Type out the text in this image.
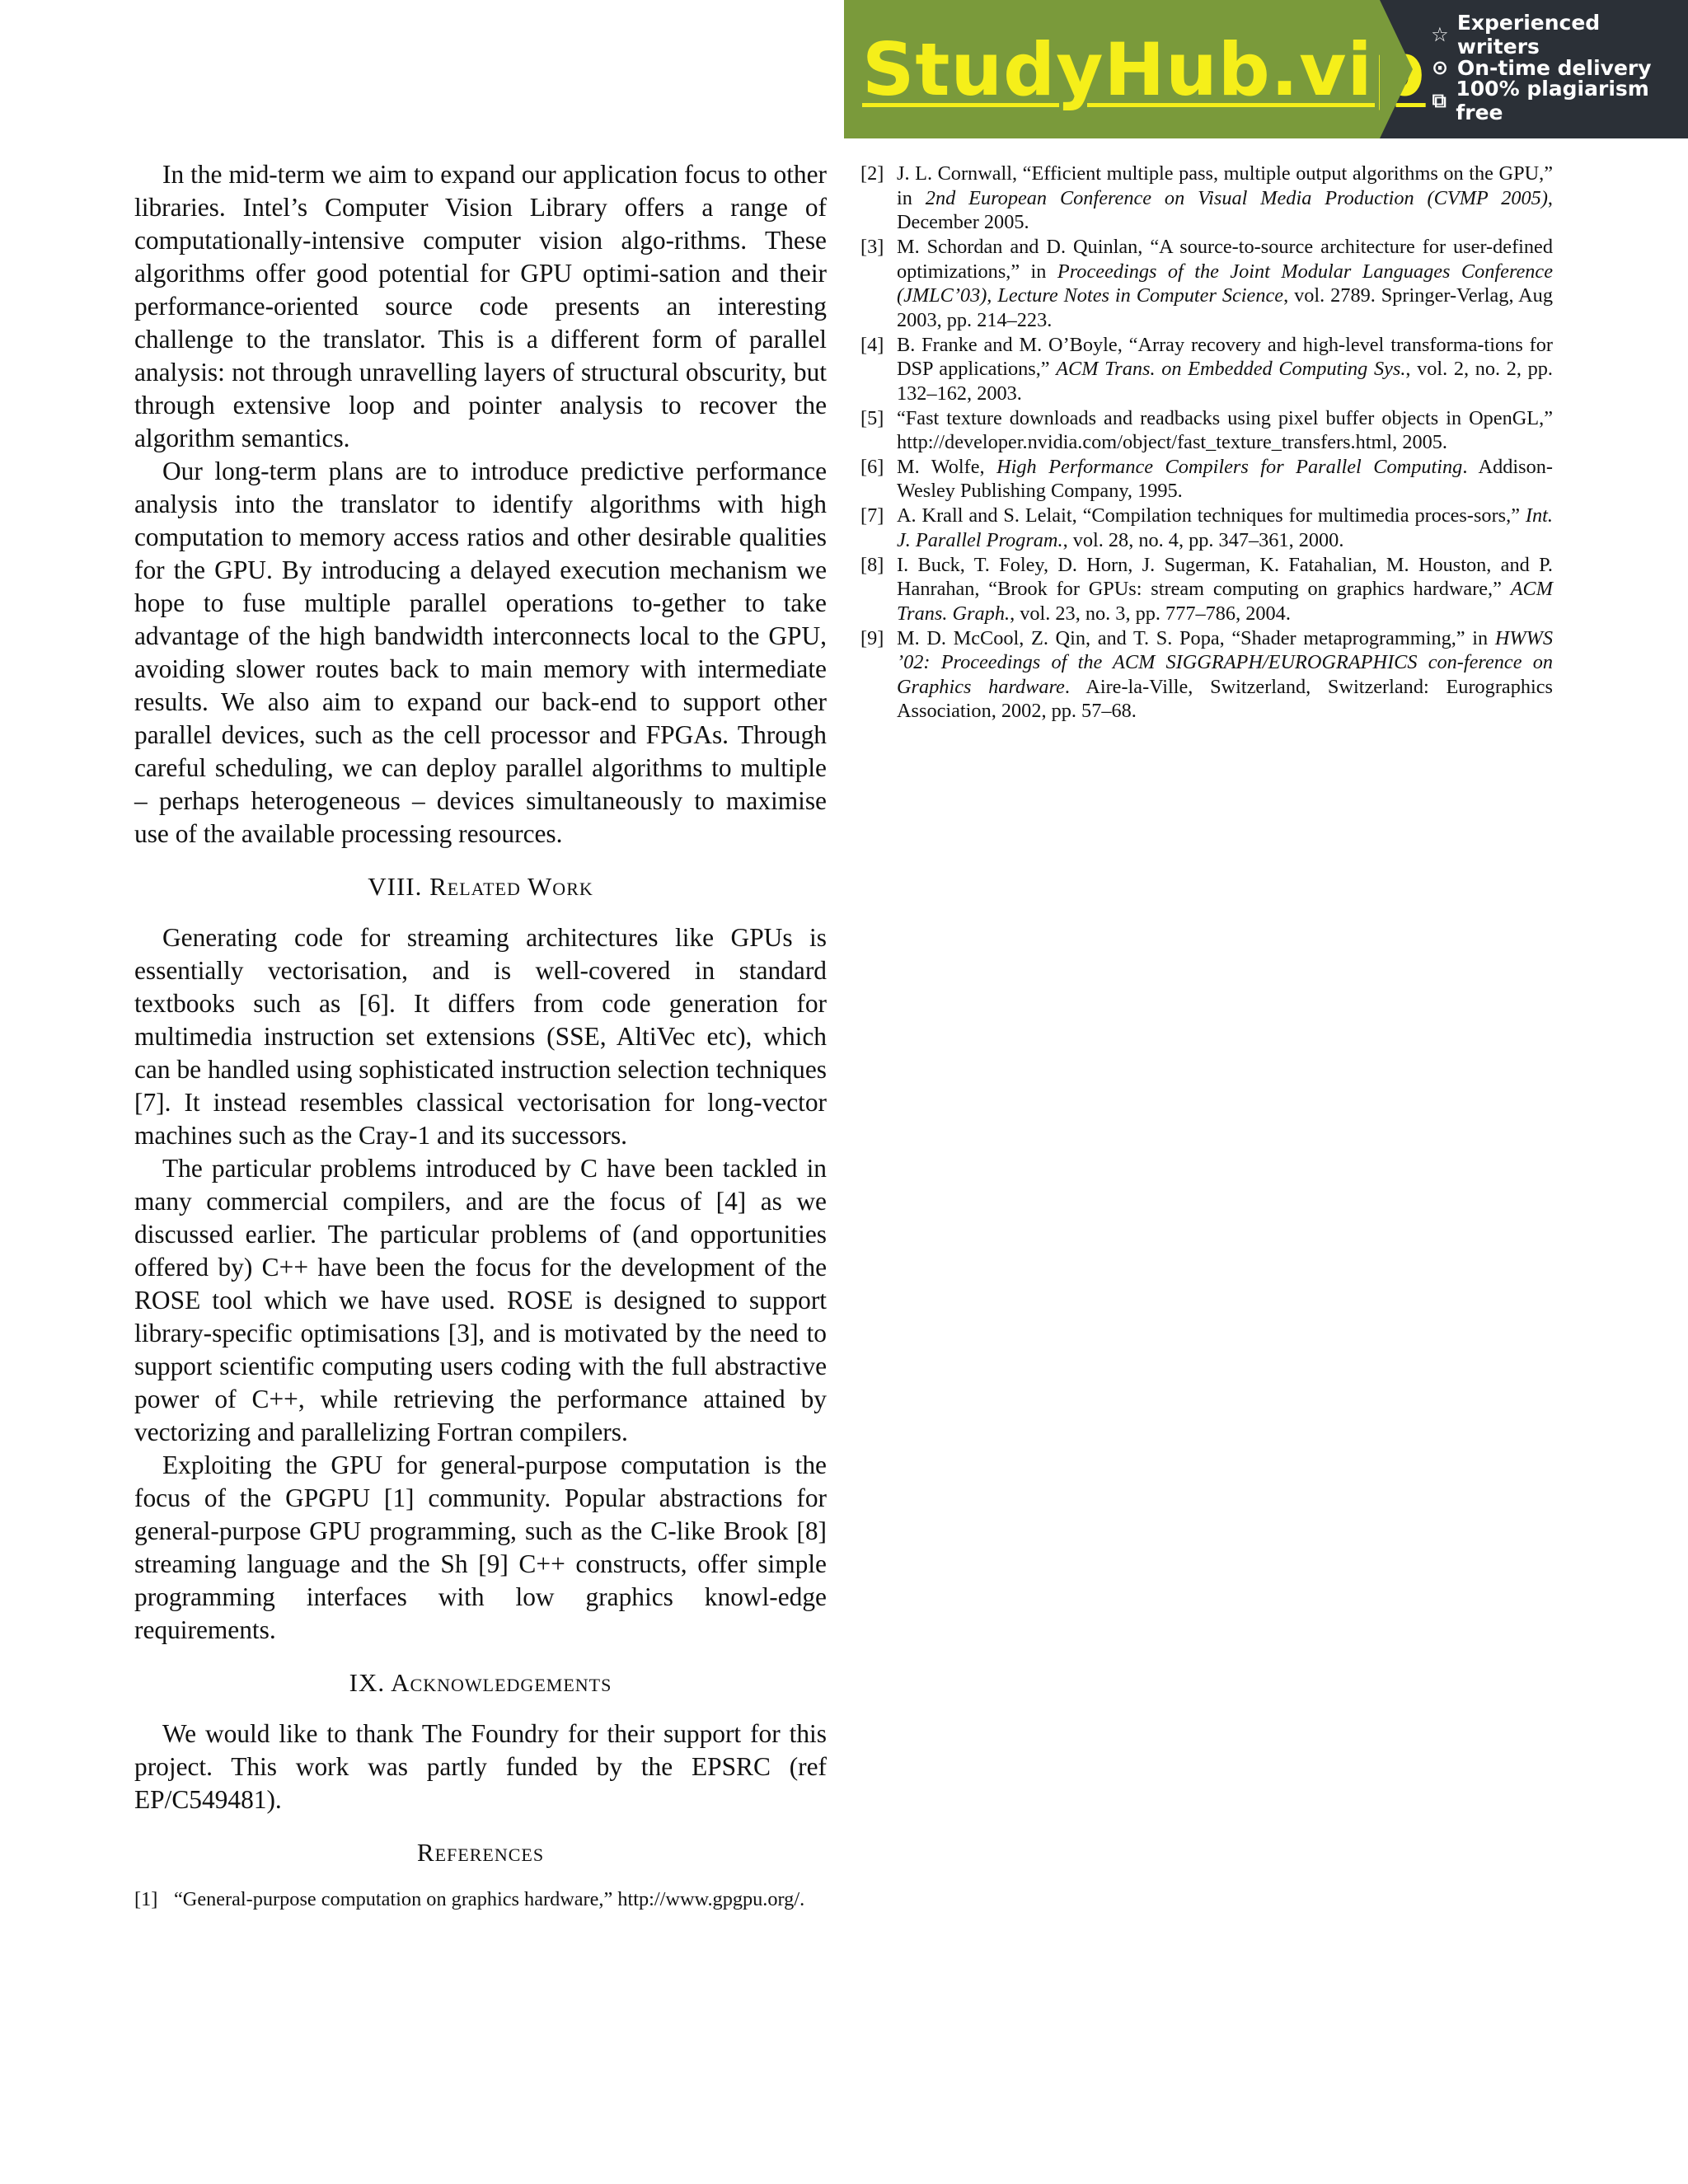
StudyHub.vip ☆ Experienced writers
⊙ On-time delivery
⧉ 100% plagiarism free

In the mid-term we aim to expand our application focus to other libraries. Intel’s Computer Vision Library offers a range of computationally-intensive computer vision algo-rithms. These algorithms offer good potential for GPU optimi-sation and their performance-oriented source code presents an interesting challenge to the translator. This is a different form of parallel analysis: not through unravelling layers of structural obscurity, but through extensive loop and pointer analysis to recover the algorithm semantics.

Our long-term plans are to introduce predictive performance analysis into the translator to identify algorithms with high computation to memory access ratios and other desirable qualities for the GPU. By introducing a delayed execution mechanism we hope to fuse multiple parallel operations to-gether to take advantage of the high bandwidth interconnects local to the GPU, avoiding slower routes back to main memory with intermediate results. We also aim to expand our back-end to support other parallel devices, such as the cell processor and FPGAs. Through careful scheduling, we can deploy parallel algorithms to multiple – perhaps heterogeneous – devices simultaneously to maximise use of the available processing resources.

VIII. Related Work

Generating code for streaming architectures like GPUs is essentially vectorisation, and is well-covered in standard textbooks such as [6]. It differs from code generation for multimedia instruction set extensions (SSE, AltiVec etc), which can be handled using sophisticated instruction selection techniques [7]. It instead resembles classical vectorisation for long-vector machines such as the Cray-1 and its successors.

The particular problems introduced by C have been tackled in many commercial compilers, and are the focus of [4] as we discussed earlier. The particular problems of (and opportunities offered by) C++ have been the focus for the development of the ROSE tool which we have used. ROSE is designed to support library-specific optimisations [3], and is motivated by the need to support scientific computing users coding with the full abstractive power of C++, while retrieving the performance attained by vectorizing and parallelizing Fortran compilers.

Exploiting the GPU for general-purpose computation is the focus of the GPGPU [1] community. Popular abstractions for general-purpose GPU programming, such as the C-like Brook [8] streaming language and the Sh [9] C++ constructs, offer simple programming interfaces with low graphics knowl-edge requirements.

IX. Acknowledgements

We would like to thank The Foundry for their support for this project. This work was partly funded by the EPSRC (ref EP/C549481).

References
[1] “General-purpose computation on graphics hardware,” http://www.gpgpu.org/.
[2] J. L. Cornwall, “Efficient multiple pass, multiple output algorithms on the GPU,” in 2nd European Conference on Visual Media Production (CVMP 2005), December 2005.
[3] M. Schordan and D. Quinlan, “A source-to-source architecture for user-defined optimizations,” in Proceedings of the Joint Modular Languages Conference (JMLC’03), Lecture Notes in Computer Science, vol. 2789. Springer-Verlag, Aug 2003, pp. 214–223.
[4] B. Franke and M. O’Boyle, “Array recovery and high-level transforma-tions for DSP applications,” ACM Trans. on Embedded Computing Sys., vol. 2, no. 2, pp. 132–162, 2003.
[5] “Fast texture downloads and readbacks using pixel buffer objects in OpenGL,” http://developer.nvidia.com/object/fast_texture_transfers.html, 2005.
[6] M. Wolfe, High Performance Compilers for Parallel Computing. Addison-Wesley Publishing Company, 1995.
[7] A. Krall and S. Lelait, “Compilation techniques for multimedia proces-sors,” Int. J. Parallel Program., vol. 28, no. 4, pp. 347–361, 2000.
[8] I. Buck, T. Foley, D. Horn, J. Sugerman, K. Fatahalian, M. Houston, and P. Hanrahan, “Brook for GPUs: stream computing on graphics hardware,” ACM Trans. Graph., vol. 23, no. 3, pp. 777–786, 2004.
[9] M. D. McCool, Z. Qin, and T. S. Popa, “Shader metaprogramming,” in HWWS ’02: Proceedings of the ACM SIGGRAPH/EUROGRAPHICS con-ference on Graphics hardware. Aire-la-Ville, Switzerland, Switzerland: Eurographics Association, 2002, pp. 57–68.
